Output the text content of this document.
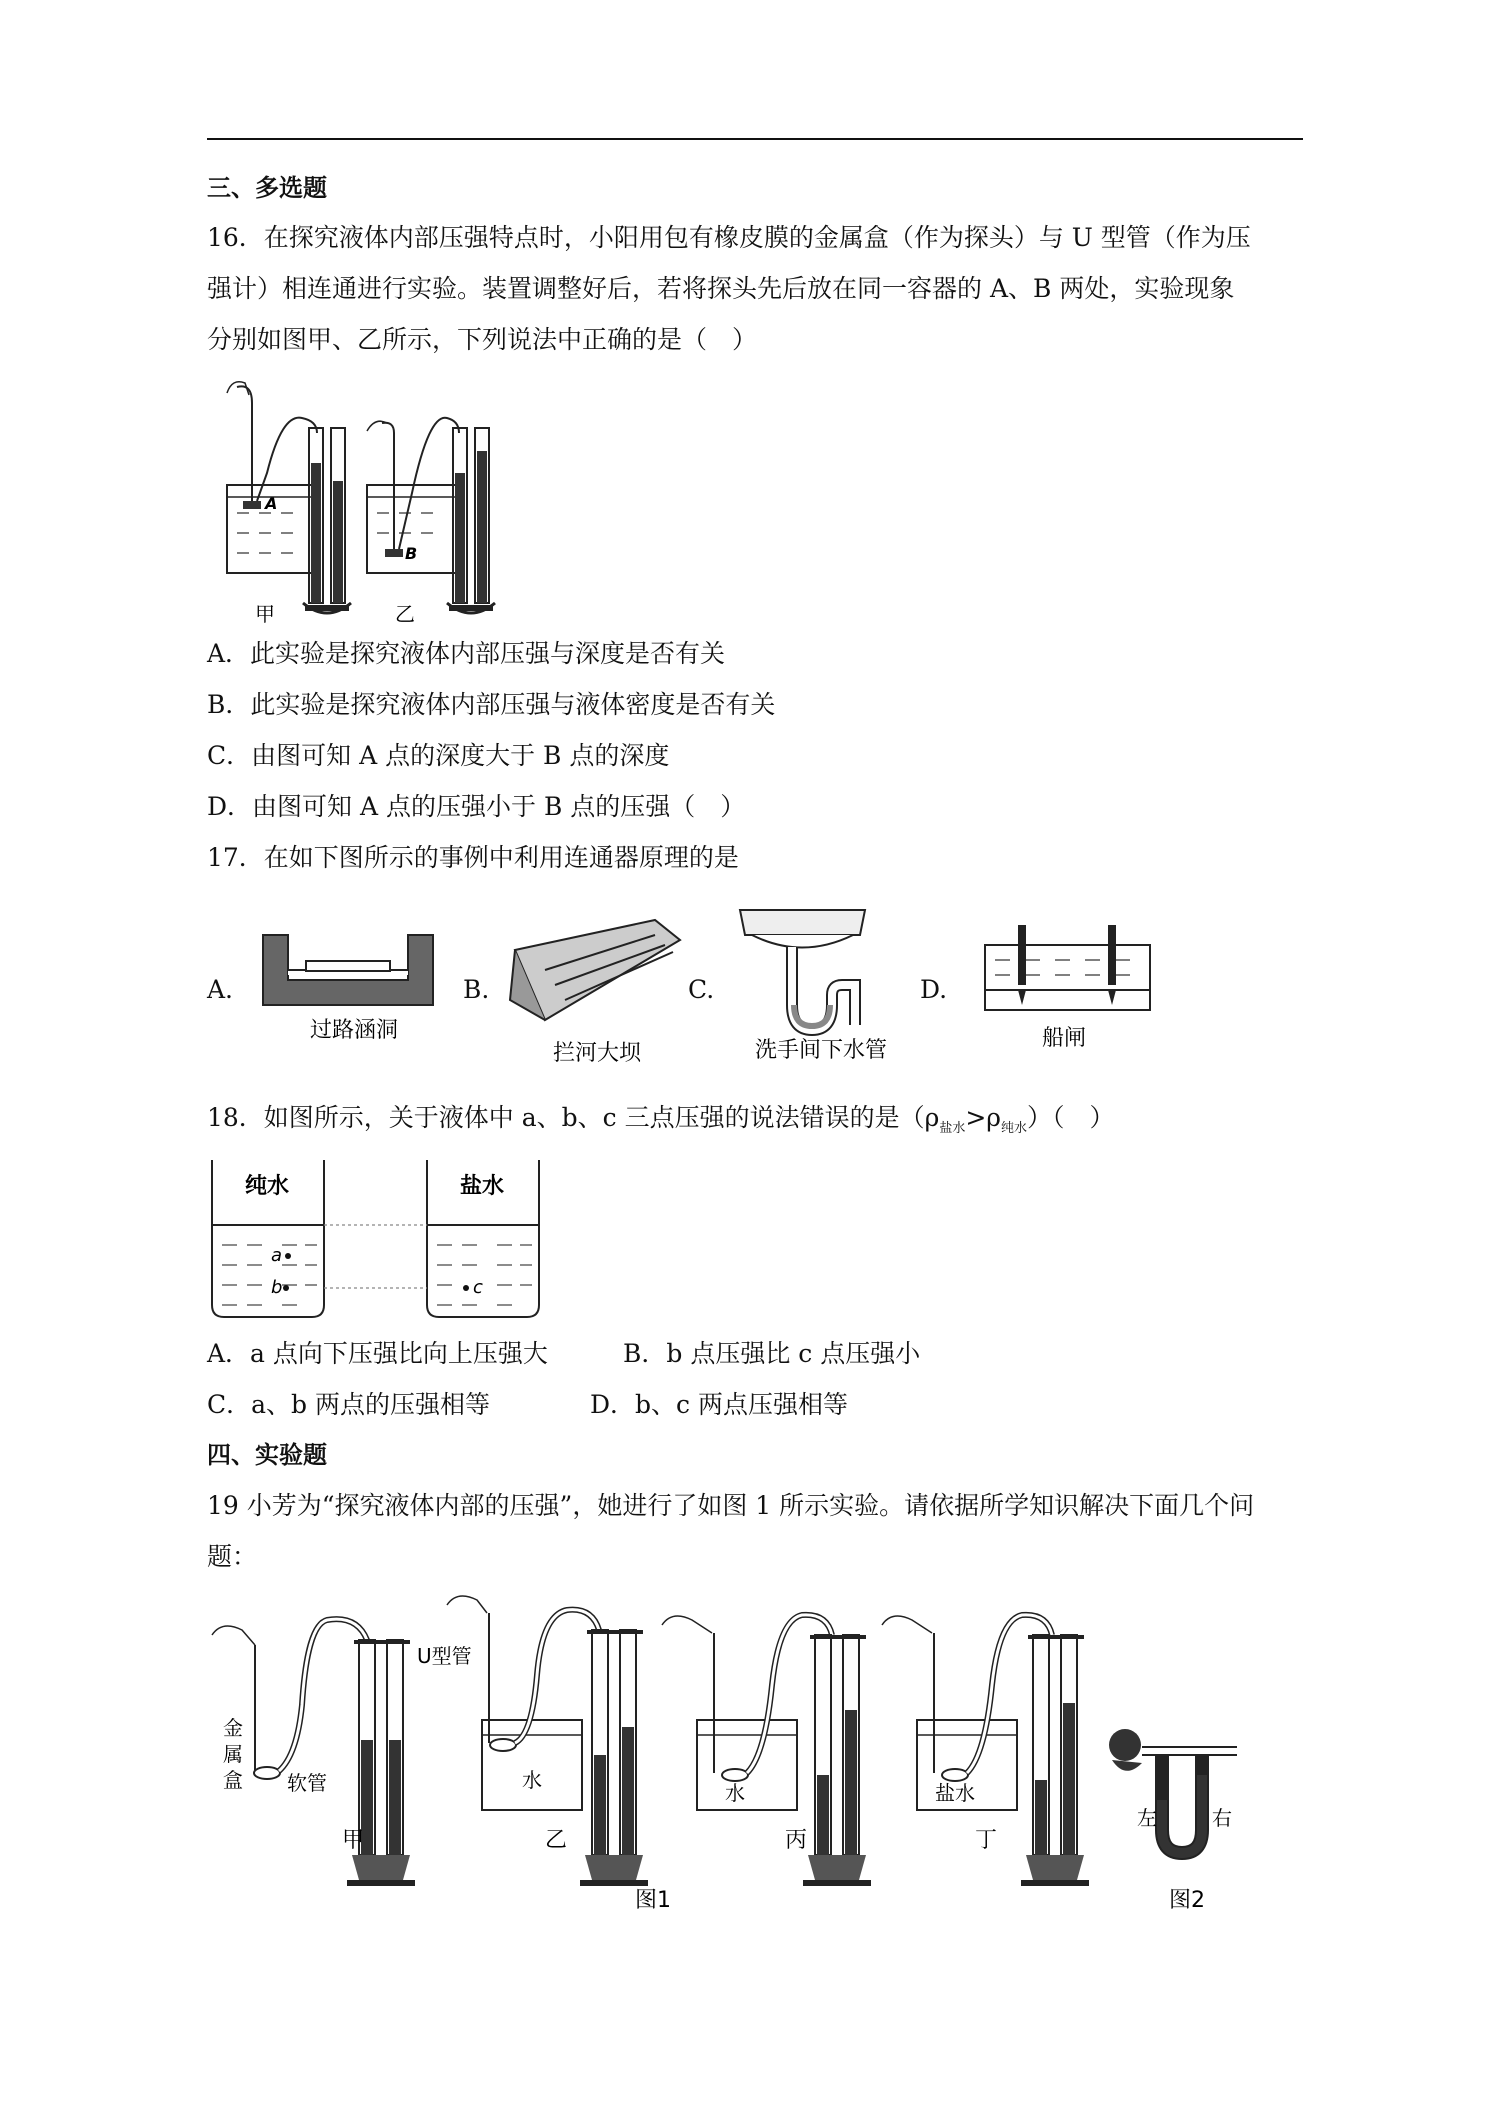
三、多选题
16．在探究液体内部压强特点时，小阳用包有橡皮膜的金属盒（作为探头）与 U 型管（作为压
强计）相连通进行实验。装置调整好后，若将探头先后放在同一容器的 A、B 两处，实验现象
分别如图甲、乙所示，下列说法中正确的是（　）
A
B
甲	乙
A．此实验是探究液体内部压强与深度是否有关
B．此实验是探究液体内部压强与液体密度是否有关
C．由图可知 A 点的深度大于 B 点的深度
D．由图可知 A 点的压强小于 B 点的压强（　）
17．在如下图所示的事例中利用连通器原理的是
A.
过路涵洞
B.
拦河大坝
C.
洗手间下水管
D.
船闸
18．如图所示，关于液体中 a、b、c 三点压强的说法错误的是$(\rho_{盐水}>\rho_{纯水})$（　）
纯水	盐水
a
b	c
A．a 点向下压强比向上压强大	B．b 点压强比 c 点压强小
C．a、b 两点的压强相等	D．b、c 两点压强相等
四、实验题
19 小芳为“探究液体内部的压强”，她进行了如图 1 所示实验。请依据所学知识解决下面几个问
题：
U型管
金
属
盒 软管	水
水	盐水
左	右
甲	乙	丙	丁
图1	图2
